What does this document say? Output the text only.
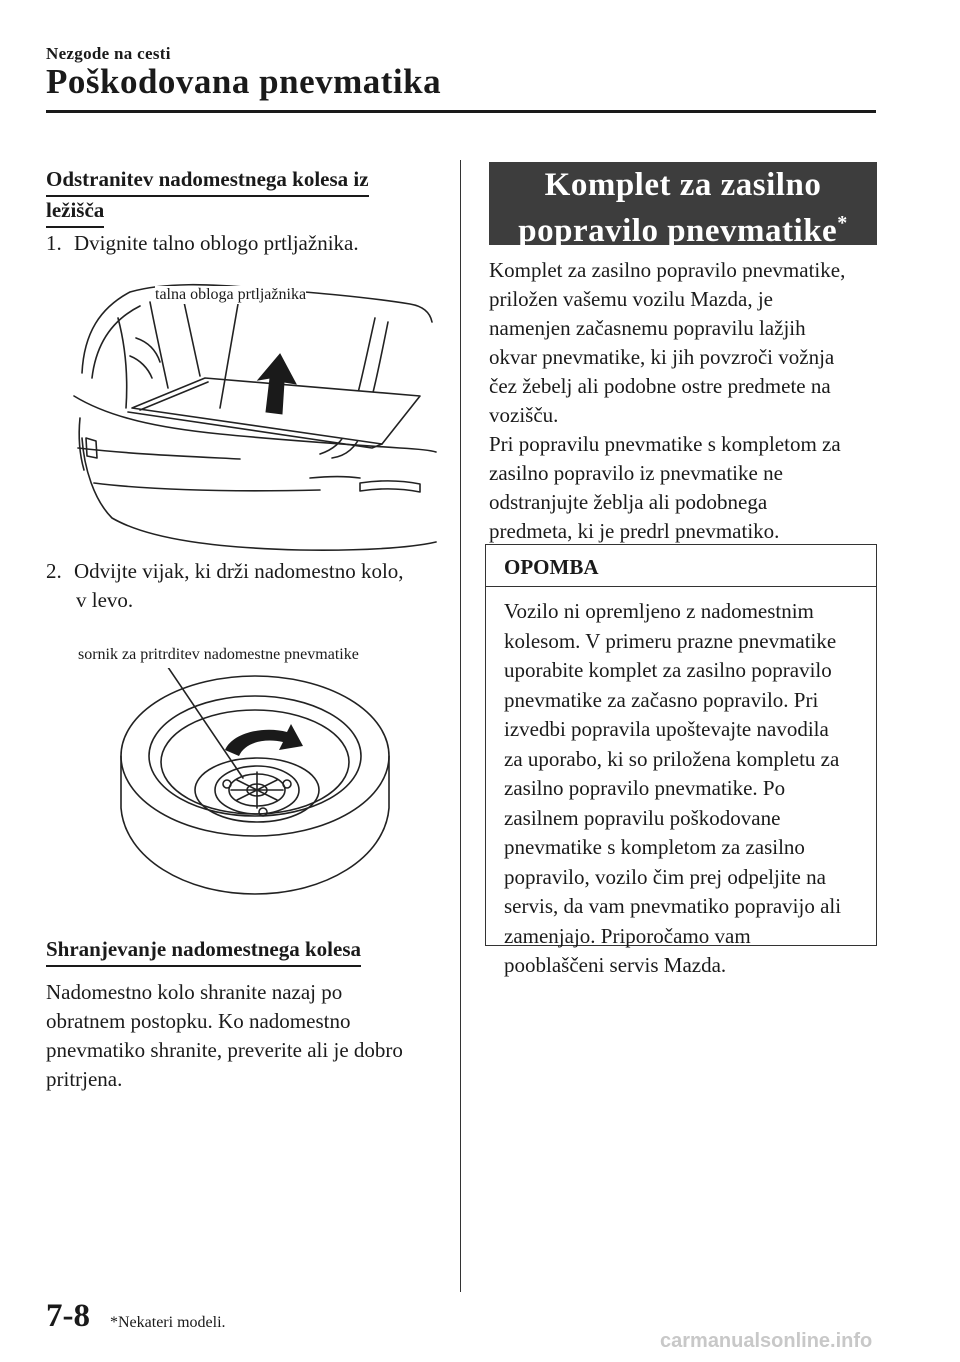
Nezgode na cesti
Poškodovana pnevmatika
Odstranitev nadomestnega kolesa iz
ležišča
1. Dvignite talno oblogo prtljažnika.
talna obloga prtljažnika
2. Odvijte vijak, ki drži nadomestno kolo,
v levo.
sornik za pritrditev nadomestne pnevmatike
Shranjevanje nadomestnega kolesa
Nadomestno kolo shranite nazaj po
obratnem postopku. Ko nadomestno
pnevmatiko shranite, preverite ali je dobro
pritrjena.
Komplet za zasilno
popravilo pnevmatike*
Komplet za zasilno popravilo pnevmatike,
priložen vašemu vozilu Mazda, je
namenjen začasnemu popravilu lažjih
okvar pnevmatike, ki jih povzroči vožnja
čez žebelj ali podobne ostre predmete na
vozišču.
Pri popravilu pnevmatike s kompletom za
zasilno popravilo iz pnevmatike ne
odstranjujte žeblja ali podobnega
predmeta, ki je predrl pnevmatiko.
OPOMBA
Vozilo ni opremljeno z nadomestnim
kolesom. V primeru prazne pnevmatike
uporabite komplet za zasilno popravilo
pnevmatike za začasno popravilo. Pri
izvedbi popravila upoštevajte navodila
za uporabo, ki so priložena kompletu za
zasilno popravilo pnevmatike. Po
zasilnem popravilu poškodovane
pnevmatike s kompletom za zasilno
popravilo, vozilo čim prej odpeljite na
servis, da vam pnevmatiko popravijo ali
zamenjajo. Priporočamo vam
pooblaščeni servis Mazda.
7-8 *Nekateri modeli.
carmanualsonline.info
